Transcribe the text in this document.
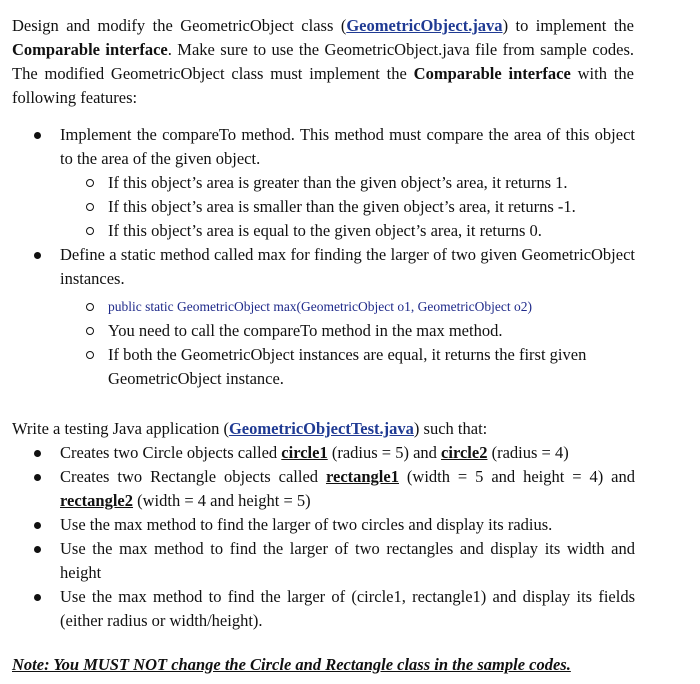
Design and modify the GeometricObject class (GeometricObject.java) to implement the Comparable interface. Make sure to use the GeometricObject.java file from sample codes. The modified GeometricObject class must implement the Comparable interface with the following features:
Implement the compareTo method. This method must compare the area of this object to the area of the given object.
If this object’s area is greater than the given object’s area, it returns 1.
If this object’s area is smaller than the given object’s area, it returns -1.
If this object’s area is equal to the given object’s area, it returns 0.
Define a static method called max for finding the larger of two given GeometricObject instances.
public static GeometricObject max(GeometricObject o1, GeometricObject o2)
You need to call the compareTo method in the max method.
If both the GeometricObject instances are equal, it returns the first given GeometricObject instance.
Write a testing Java application (GeometricObjectTest.java) such that:
Creates two Circle objects called circle1 (radius = 5) and circle2 (radius = 4)
Creates two Rectangle objects called rectangle1 (width = 5 and height = 4) and rectangle2 (width = 4 and height = 5)
Use the max method to find the larger of two circles and display its radius.
Use the max method to find the larger of two rectangles and display its width and height
Use the max method to find the larger of (circle1, rectangle1) and display its fields (either radius or width/height).
Note: You MUST NOT change the Circle and Rectangle class in the sample codes.
